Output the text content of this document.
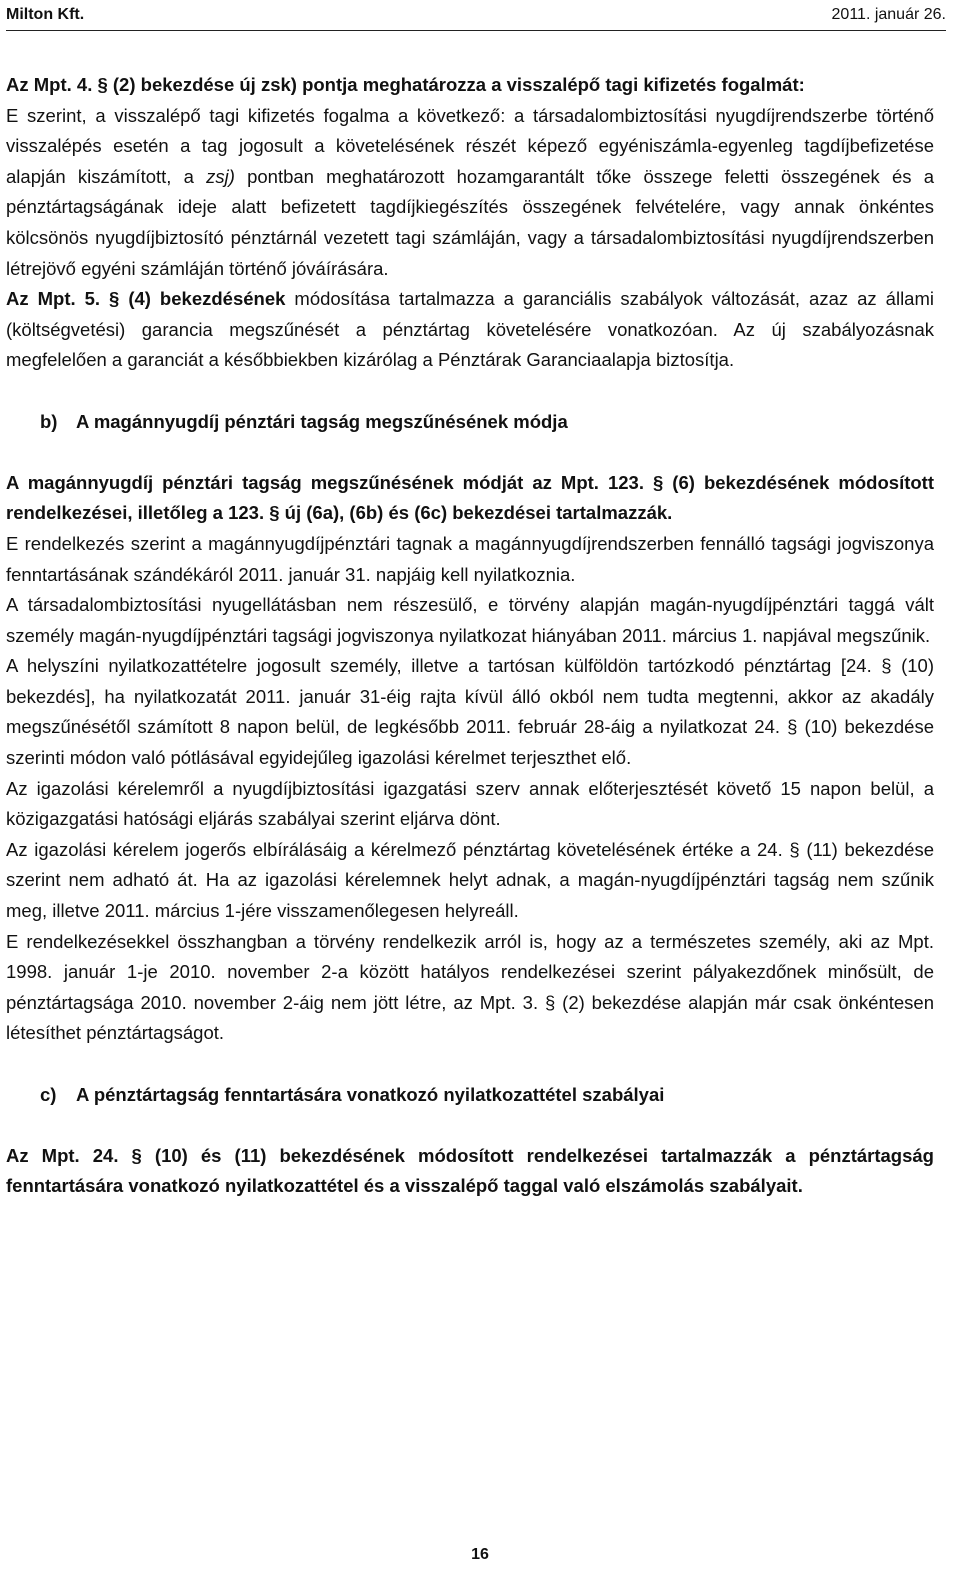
Milton Kft.	2011. január 26.

Az Mpt. 4. § (2) bekezdése új zsk) pontja meghatározza a visszalépő tagi kifizetés fogalmát:
E szerint, a visszalépő tagi kifizetés fogalma a következő: a társadalombiztosítási nyugdíjrendszerbe történő visszalépés esetén a tag jogosult a követelésének részét képező egyéniszámla-egyenleg tagdíjbefizetése alapján kiszámított, a zsj) pontban meghatározott hozamgarantált tőke összege feletti összegének és a pénztártagságának ideje alatt befizetett tagdíjkiegészítés összegének felvételére, vagy annak önkéntes kölcsönös nyugdíjbiztosító pénztárnál vezetett tagi számláján, vagy a társadalombiztosítási nyugdíjrendszerben létrejövő egyéni számláján történő jóváírására.

Az Mpt. 5. § (4) bekezdésének módosítása tartalmazza a garanciális szabályok változását, azaz az állami (költségvetési) garancia megszűnését a pénztártag követelésére vonatkozóan. Az új szabályozásnak megfelelően a garanciát a későbbiekben kizárólag a Pénztárak Garanciaalapja biztosítja.

b) A magánnyugdíj pénztári tagság megszűnésének módja

A magánnyugdíj pénztári tagság megszűnésének módját az Mpt. 123. § (6) bekezdésének módosított rendelkezései, illetőleg a 123. § új (6a), (6b) és (6c) bekezdései tartalmazzák.

E rendelkezés szerint a magánnyugdíjpénztári tagnak a magánnyugdíjrendszerben fennálló tagsági jogviszonya fenntartásának szándékáról 2011. január 31. napjáig kell nyilatkoznia.

A társadalombiztosítási nyugellátásban nem részesülő, e törvény alapján magán-nyugdíjpénztári taggá vált személy magán-nyugdíjpénztári tagsági jogviszonya nyilatkozat hiányában 2011. március 1. napjával megszűnik.

A helyszíni nyilatkozattételre jogosult személy, illetve a tartósan külföldön tartózkodó pénztártag [24. § (10) bekezdés], ha nyilatkozatát 2011. január 31-éig rajta kívül álló okból nem tudta megtenni, akkor az akadály megszűnésétől számított 8 napon belül, de legkésőbb 2011. február 28-áig a nyilatkozat 24. § (10) bekezdése szerinti módon való pótlásával egyidejűleg igazolási kérelmet terjeszthet elő.

Az igazolási kérelemről a nyugdíjbiztosítási igazgatási szerv annak előterjesztését követő 15 napon belül, a közigazgatási hatósági eljárás szabályai szerint eljárva dönt.

Az igazolási kérelem jogerős elbírálásáig a kérelmező pénztártag követelésének értéke a 24. § (11) bekezdése szerint nem adható át. Ha az igazolási kérelemnek helyt adnak, a magán-nyugdíjpénztári tagság nem szűnik meg, illetve 2011. március 1-jére visszamenőlegesen helyreáll.

E rendelkezésekkel összhangban a törvény rendelkezik arról is, hogy az a természetes személy, aki az Mpt. 1998. január 1-je 2010. november 2-a között hatályos rendelkezései szerint pályakezdőnek minősült, de pénztártagsága 2010. november 2-áig nem jött létre, az Mpt. 3. § (2) bekezdése alapján már csak önkéntesen létesíthet pénztártagságot.

c) A pénztártagság fenntartására vonatkozó nyilatkozattétel szabályai

Az Mpt. 24. § (10) és (11) bekezdésének módosított rendelkezései tartalmazzák a pénztártagság fenntartására vonatkozó nyilatkozattétel és a visszalépő taggal való elszámolás szabályait.

16
